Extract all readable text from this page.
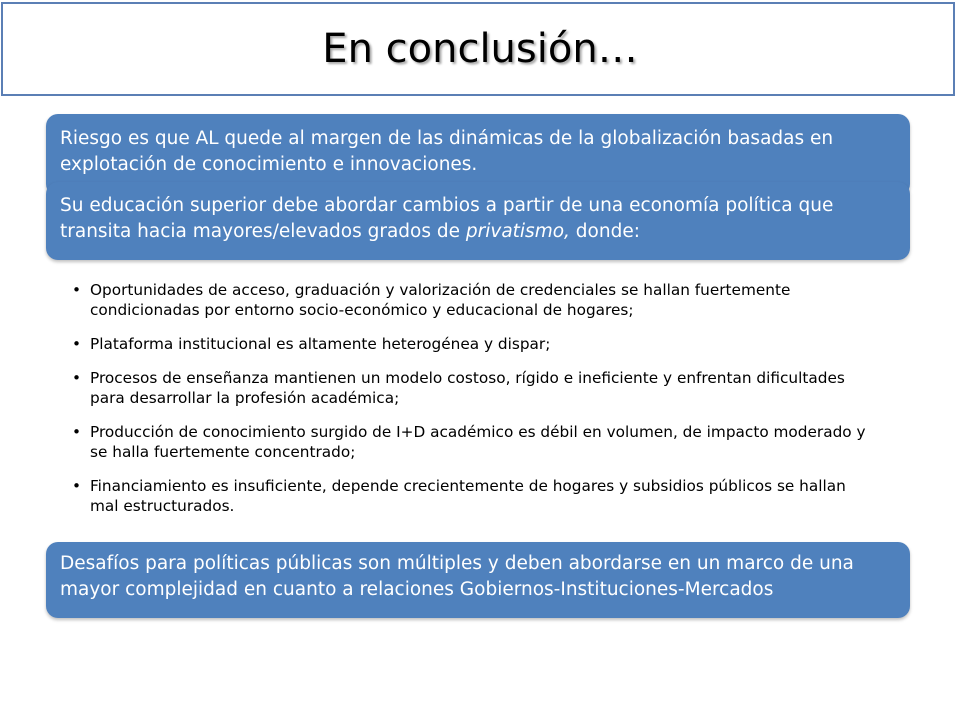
En conclusión…
Riesgo es que AL quede al margen de las dinámicas de la globalización basadas en explotación de conocimiento e innovaciones.
Su educación superior debe abordar cambios a partir de una economía política que transita hacia mayores/elevados grados de privatismo, donde:
• Oportunidades de acceso, graduación y valorización de credenciales se hallan fuertemente condicionadas por entorno socio-económico y educacional de hogares;
• Plataforma institucional es altamente heterogénea y dispar;
• Procesos de enseñanza mantienen un modelo costoso, rígido e ineficiente y enfrentan dificultades para desarrollar la profesión académica;
• Producción de conocimiento surgido de I+D académico es débil en volumen, de impacto moderado y se halla fuertemente concentrado;
• Financiamiento es insuficiente, depende crecientemente de hogares y subsidios públicos se hallan mal estructurados.
Desafíos para políticas públicas son múltiples y deben abordarse en un marco de una mayor complejidad en cuanto a relaciones Gobiernos-Instituciones-Mercados
